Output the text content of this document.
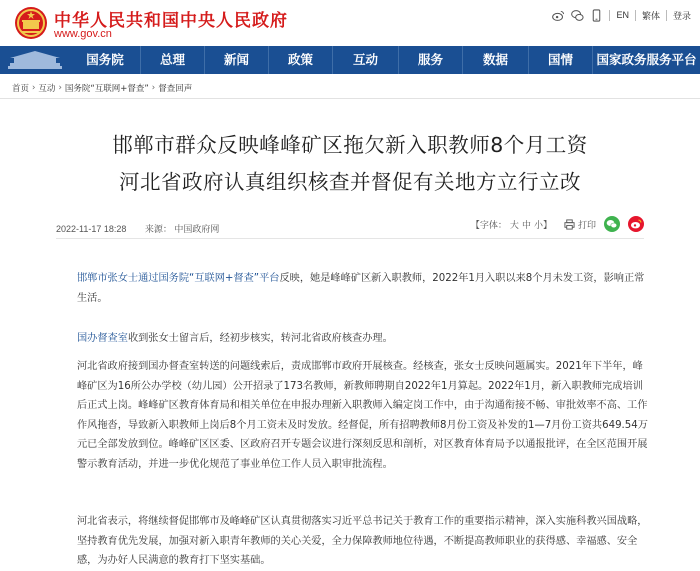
中华人民共和国中央人民政府
www.gov.cn
EN 繁体 登录
国务院	总理	新闻	政策	互动	服务	数据	国情	国家政务服务平台
首页 › 互动 › 国务院“互联网+督查” › 督查回声
邯郸市群众反映峰峰矿区拖欠新入职教师8个月工资
河北省政府认真组织核查并督促有关地方立行立改
2022-11-17 18:28 来源： 中国政府网	【字体： 大 中 小 】	打印
邯郸市张女士通过国务院“互联网+督查”平台反映，她是峰峰矿区新入职教师，2022年1月入职以来8个月未发工资，影响正常生活。
国办督查室收到张女士留言后，经初步核实，转河北省政府核查办理。
河北省政府接到国办督查室转送的问题线索后，责成邯郸市政府开展核查。经核查，张女士反映问题属实。2021年下半年，峰峰矿区为16所公办学校（幼儿园）公开招录了173名教师，新教师聘期自2022年1月算起。2022年1月，新入职教师完成培训后正式上岗。峰峰矿区教育体育局和相关单位在申报办理新入职教师入编定岗工作中，由于沟通衔接不畅、审批效率不高、工作作风拖沓，导致新入职教师上岗后8个月工资未及时发放。经督促，所有招聘教师8月份工资及补发的1—7月份工资共649.54万元已全部发放到位。峰峰矿区区委、区政府召开专题会议进行深刻反思和剖析，对区教育体育局予以通报批评，在全区范围开展警示教育活动，并进一步优化规范了事业单位工作人员入职审批流程。
河北省表示，将继续督促邯郸市及峰峰矿区认真贯彻落实习近平总书记关于教育工作的重要指示精神，深入实施科教兴国战略，坚持教育优先发展，加强对新入职青年教师的关心关爱，全力保障教师地位待遇，不断提高教师职业的获得感、幸福感、安全感，为办好人民满意的教育打下坚实基础。
